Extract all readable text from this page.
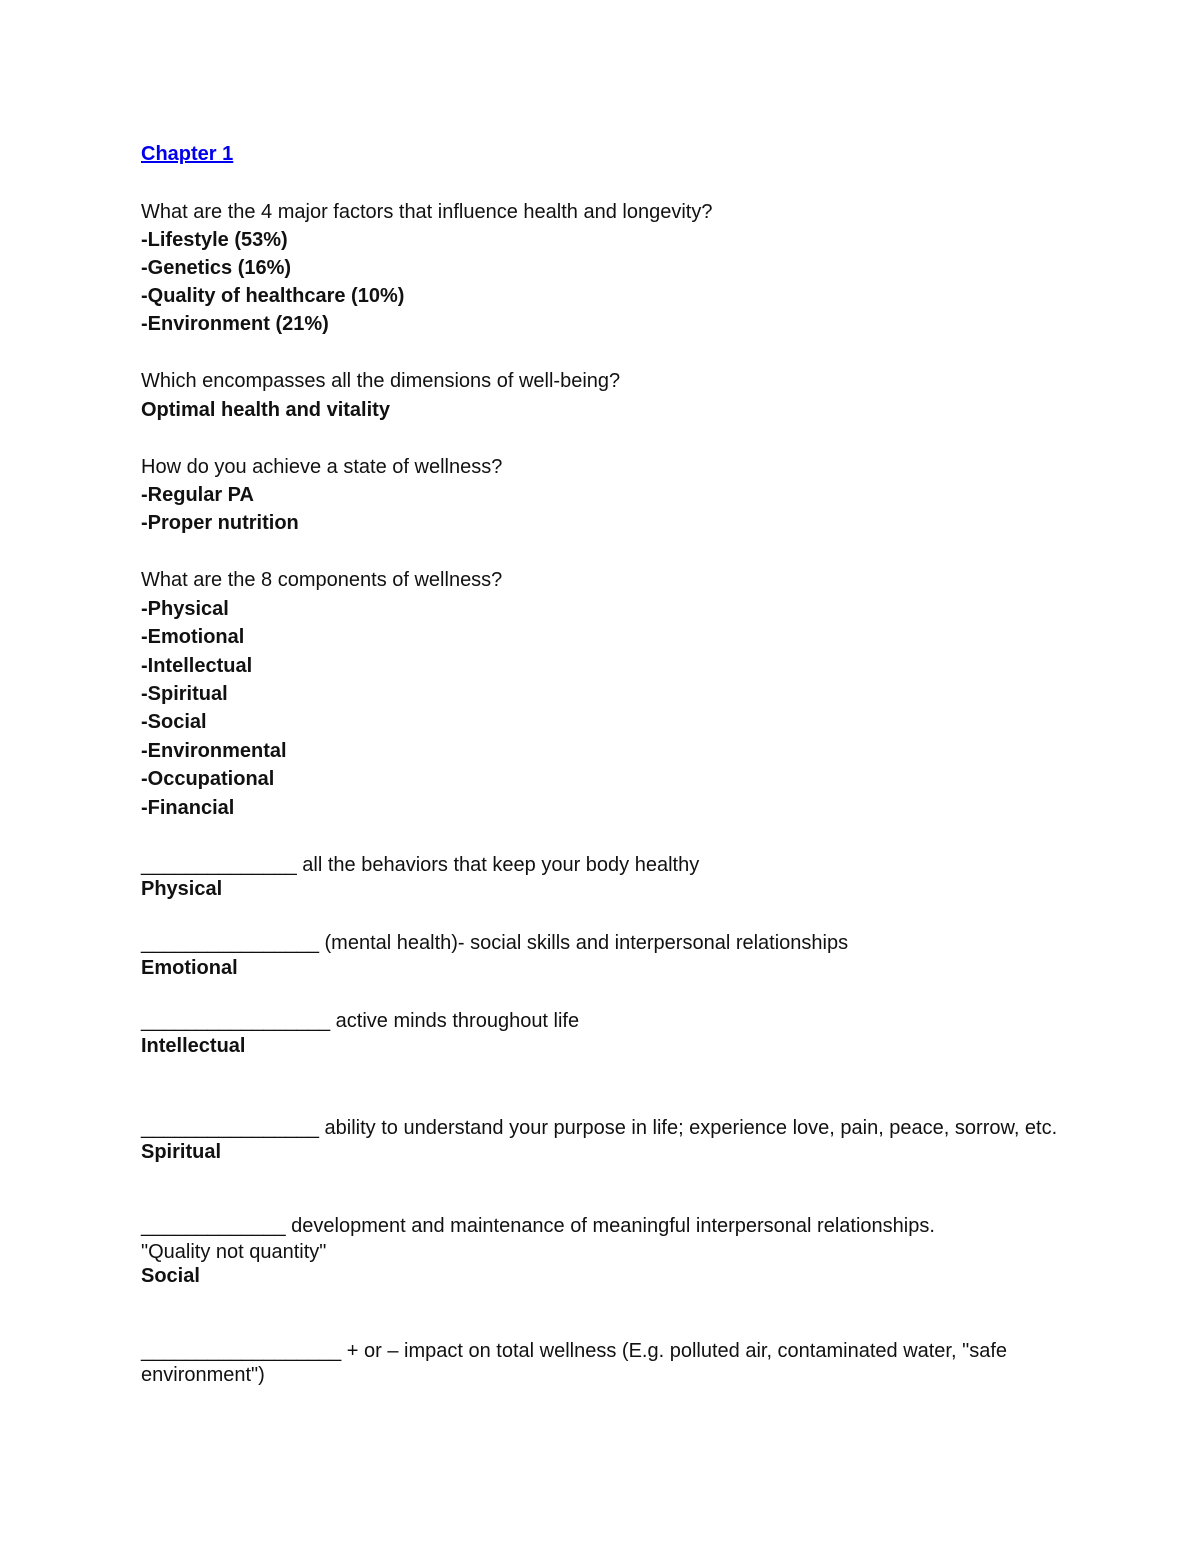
Chapter 1
What are the 4 major factors that influence health and longevity?
-Lifestyle (53%)
-Genetics (16%)
-Quality of healthcare (10%)
-Environment (21%)
Which encompasses all the dimensions of well-being?
Optimal health and vitality
How do you achieve a state of wellness?
-Regular PA
-Proper nutrition
What are the 8 components of wellness?
-Physical
-Emotional
-Intellectual
-Spiritual
-Social
-Environmental
-Occupational
-Financial
______________ all the behaviors that keep your body healthy
Physical
________________ (mental health)- social skills and interpersonal relationships
Emotional
_________________ active minds throughout life
Intellectual
________________ ability to understand your purpose in life; experience love, pain, peace, sorrow, etc.
Spiritual
_____________ development and maintenance of meaningful interpersonal relationships.
"Quality not quantity"
Social
__________________ + or – impact on total wellness (E.g. polluted air, contaminated water, "safe
environment")
